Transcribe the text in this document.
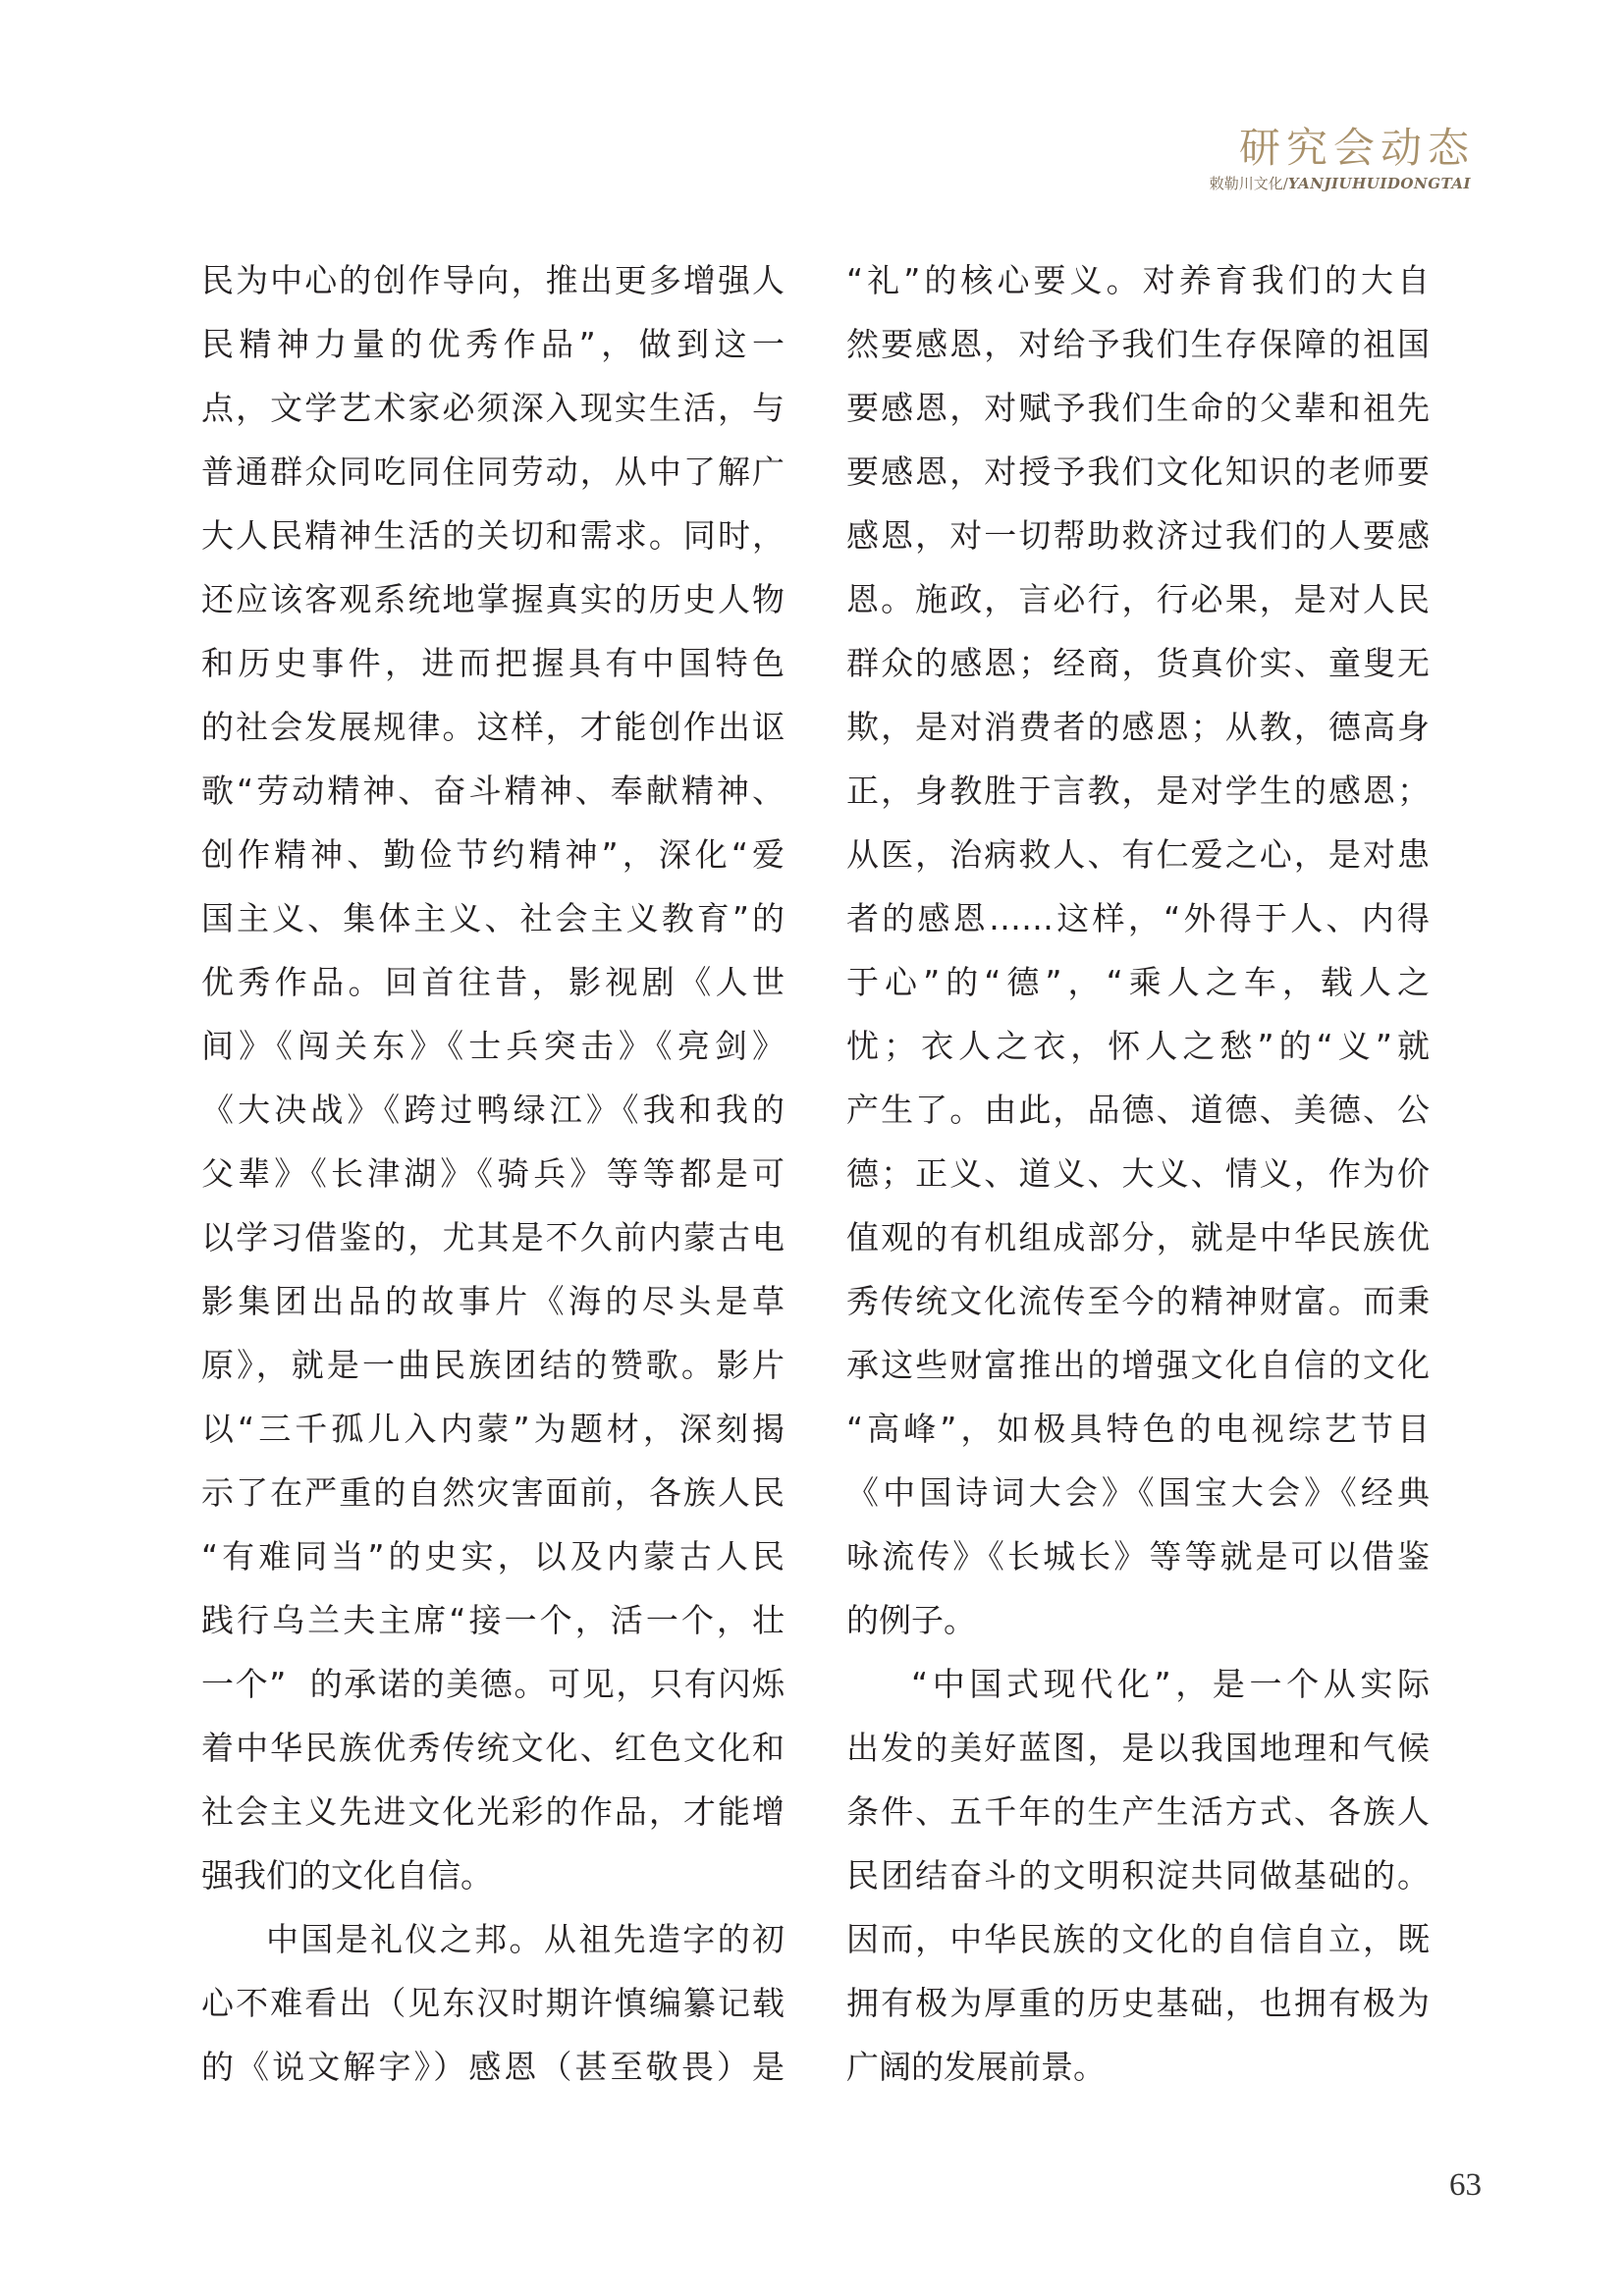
研究会动态
敕勒川文化/YANJIUHUIDONGTAI

民为中心的创作导向，推出更多增强人

民精神力量的优秀作品”，做到这一

点，文学艺术家必须深入现实生活，与

普通群众同吃同住同劳动，从中了解广

大人民精神生活的关切和需求。同时，

还应该客观系统地掌握真实的历史人物

和历史事件，进而把握具有中国特色

的社会发展规律。这样，才能创作出讴

歌“劳动精神、奋斗精神、奉献精神、

创作精神、勤俭节约精神”，深化“爱

国主义、集体主义、社会主义教育”的

优秀作品。回首往昔，影视剧《人世

间》《闯关东》《士兵突击》《亮剑》

《大决战》《跨过鸭绿江》《我和我的

父辈》《长津湖》《骑兵》等等都是可

以学习借鉴的，尤其是不久前内蒙古电

影集团出品的故事片《海的尽头是草

原》，就是一曲民族团结的赞歌。影片

以“三千孤儿入内蒙”为题材，深刻揭

示了在严重的自然灾害面前，各族人民

“有难同当”的史实，以及内蒙古人民

践行乌兰夫主席“接一个，活一个，壮

一个”  的承诺的美德。可见，只有闪烁

着中华民族优秀传统文化、红色文化和

社会主义先进文化光彩的作品，才能增

强我们的文化自信。

中国是礼仪之邦。从祖先造字的初

心不难看出（见东汉时期许慎编纂记载

的《说文解字》）感恩（甚至敬畏）是

“礼”的核心要义。对养育我们的大自

然要感恩，对给予我们生存保障的祖国

要感恩，对赋予我们生命的父辈和祖先

要感恩，对授予我们文化知识的老师要

感恩，对一切帮助救济过我们的人要感

恩。施政，言必行，行必果，是对人民

群众的感恩；经商，货真价实、童叟无

欺，是对消费者的感恩；从教，德高身

正，身教胜于言教，是对学生的感恩；

从医，治病救人、有仁爱之心，是对患

者的感恩……这样，“外得于人、内得

于心”的“德”，“乘人之车，载人之

忧；衣人之衣，怀人之愁”的“义”就

产生了。由此，品德、道德、美德、公

德；正义、道义、大义、情义，作为价

值观的有机组成部分，就是中华民族优

秀传统文化流传至今的精神财富。而秉

承这些财富推出的增强文化自信的文化

“高峰”，如极具特色的电视综艺节目

《中国诗词大会》《国宝大会》《经典

咏流传》《长城长》等等就是可以借鉴

的例子。

“中国式现代化”，是一个从实际

出发的美好蓝图，是以我国地理和气候

条件、五千年的生产生活方式、各族人

民团结奋斗的文明积淀共同做基础的。

因而，中华民族的文化的自信自立，既

拥有极为厚重的历史基础，也拥有极为

广阔的发展前景。

63
